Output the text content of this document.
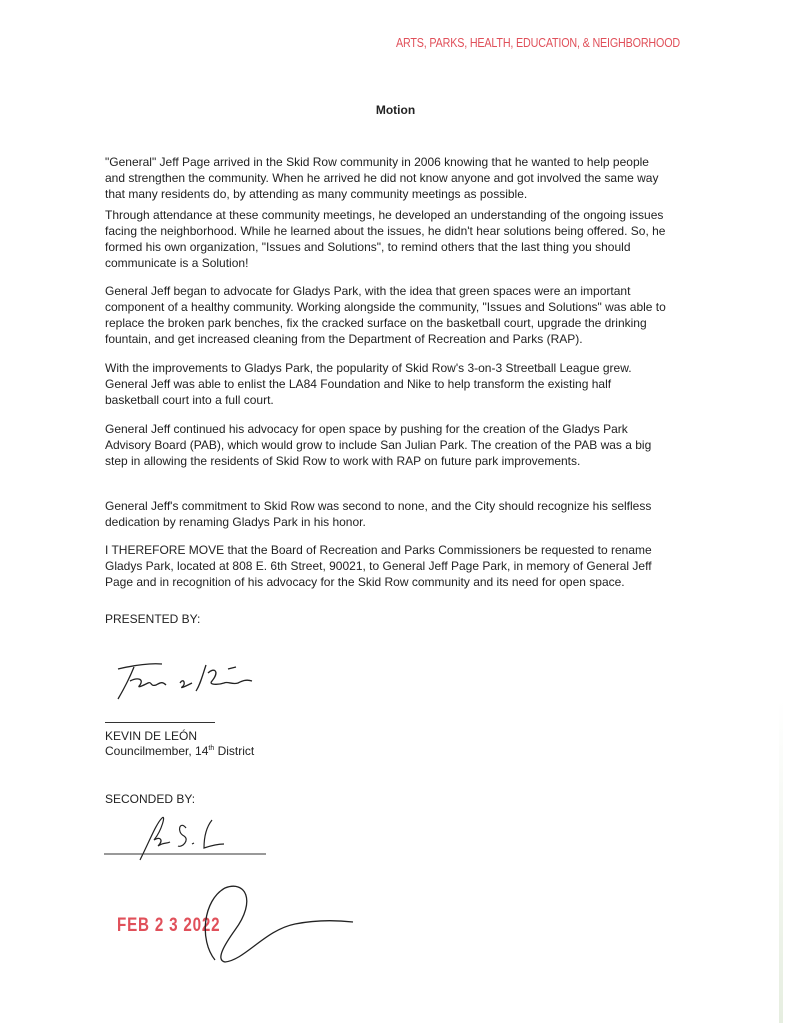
ARTS, PARKS, HEALTH, EDUCATION, & NEIGHBORHOOD
Motion
"General" Jeff Page arrived in the Skid Row community in 2006 knowing that he wanted to help people
and strengthen the community. When he arrived he did not know anyone and got involved the same way
that many residents do, by attending as many community meetings as possible.
Through attendance at these community meetings, he developed an understanding of the ongoing issues
facing the neighborhood. While he learned about the issues, he didn't hear solutions being offered. So, he
formed his own organization, "Issues and Solutions", to remind others that the last thing you should
communicate is a Solution!
General Jeff began to advocate for Gladys Park, with the idea that green spaces were an important
component of a healthy community. Working alongside the community, "Issues and Solutions" was able to
replace the broken park benches, fix the cracked surface on the basketball court, upgrade the drinking
fountain, and get increased cleaning from the Department of Recreation and Parks (RAP).
With the improvements to Gladys Park, the popularity of Skid Row's 3-on-3 Streetball League grew.
General Jeff was able to enlist the LA84 Foundation and Nike to help transform the existing half
basketball court into a full court.
General Jeff continued his advocacy for open space by pushing for the creation of the Gladys Park
Advisory Board (PAB), which would grow to include San Julian Park. The creation of the PAB was a big
step in allowing the residents of Skid Row to work with RAP on future park improvements.
General Jeff's commitment to Skid Row was second to none, and the City should recognize his selfless
dedication by renaming Gladys Park in his honor.
I THEREFORE MOVE that the Board of Recreation and Parks Commissioners be requested to rename
Gladys Park, located at 808 E. 6th Street, 90021, to General Jeff Page Park, in memory of General Jeff
Page and in recognition of his advocacy for the Skid Row community and its need for open space.
PRESENTED BY:
KEVIN DE LEÓN
Councilmember, 14th District
SECONDED BY:
FEB 2 3 2022
